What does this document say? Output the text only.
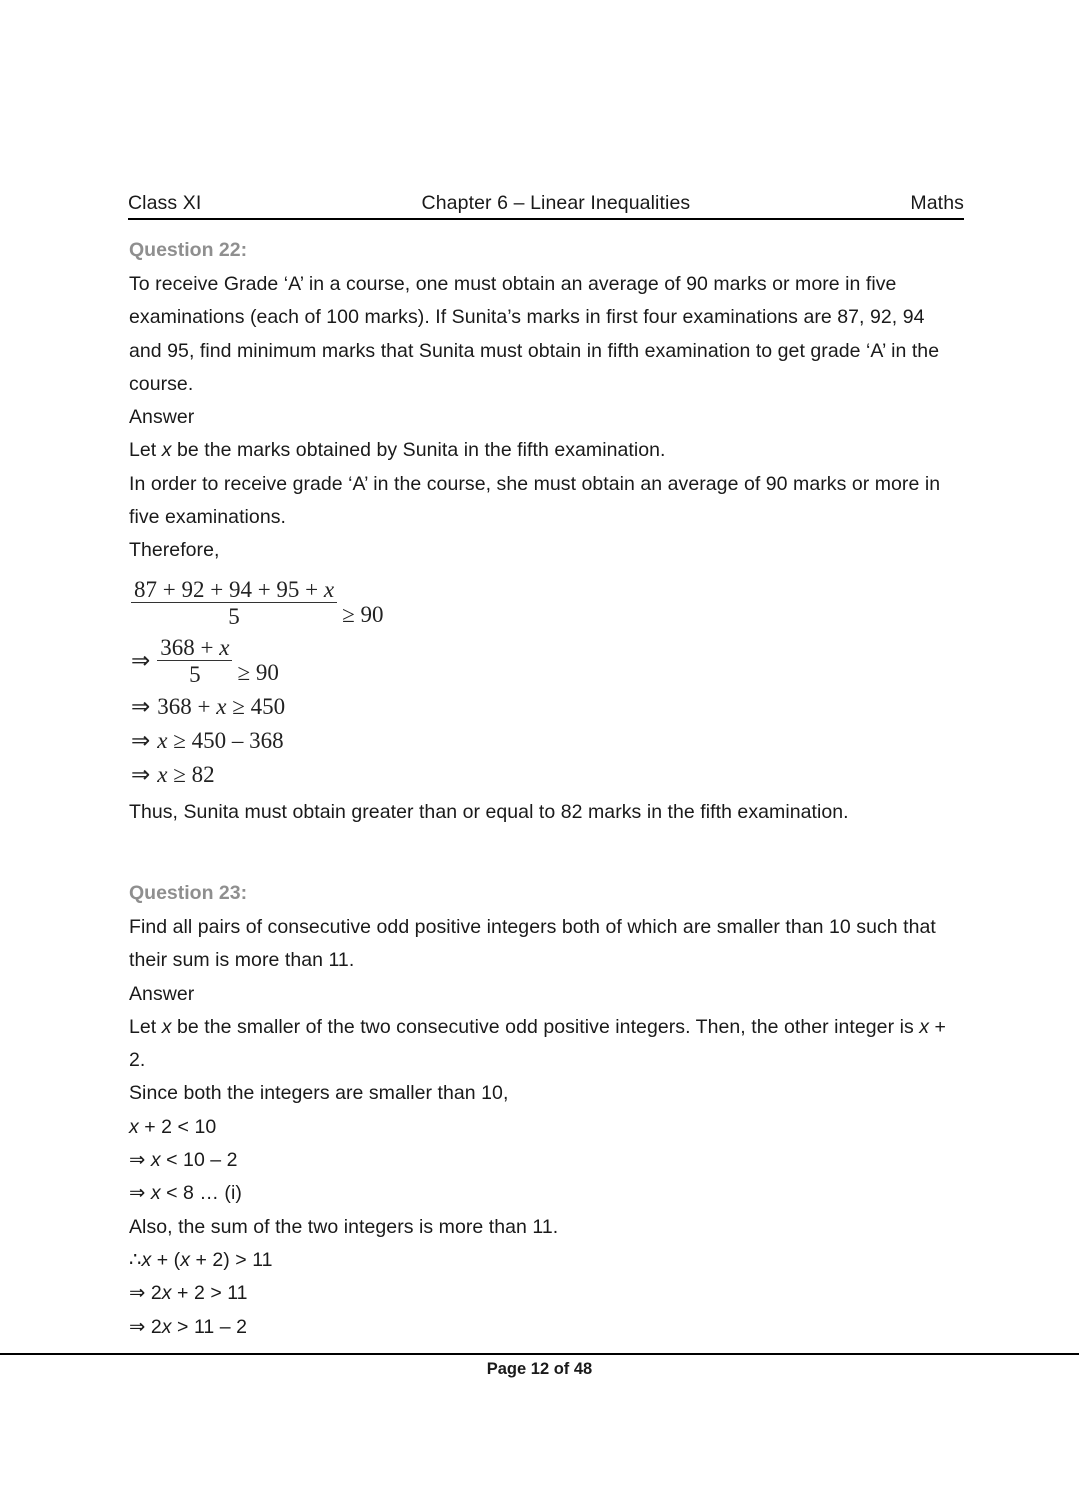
Class XI	Chapter 6 – Linear Inequalities	Maths
Question 22:

To receive Grade ‘A’ in a course, one must obtain an average of 90 marks or more in five examinations (each of 100 marks). If Sunita’s marks in first four examinations are 87, 92, 94 and 95, find minimum marks that Sunita must obtain in fifth examination to get grade ‘A’ in the course.

Answer

Let x be the marks obtained by Sunita in the fifth examination.

In order to receive grade ‘A’ in the course, she must obtain an average of 90 marks or more in five examinations.

Therefore,

$\frac{87 + 92 + 94 + 95 + x}{5} \ge 90$
⇒ $\frac{368 + x}{5} \ge 90$
⇒ 368 + x ≥ 450
⇒ x ≥ 450 – 368
⇒ x ≥ 82

Thus, Sunita must obtain greater than or equal to 82 marks in the fifth examination.

Question 23:

Find all pairs of consecutive odd positive integers both of which are smaller than 10 such that their sum is more than 11.

Answer

Let x be the smaller of the two consecutive odd positive integers. Then, the other integer is x + 2.

Since both the integers are smaller than 10,

x + 2 < 10

⇒ x < 10 – 2

⇒ x < 8 … (i)

Also, the sum of the two integers is more than 11.

∴x + (x + 2) > 11

⇒ 2x + 2 > 11

⇒ 2x > 11 – 2

Page 12 of 48
